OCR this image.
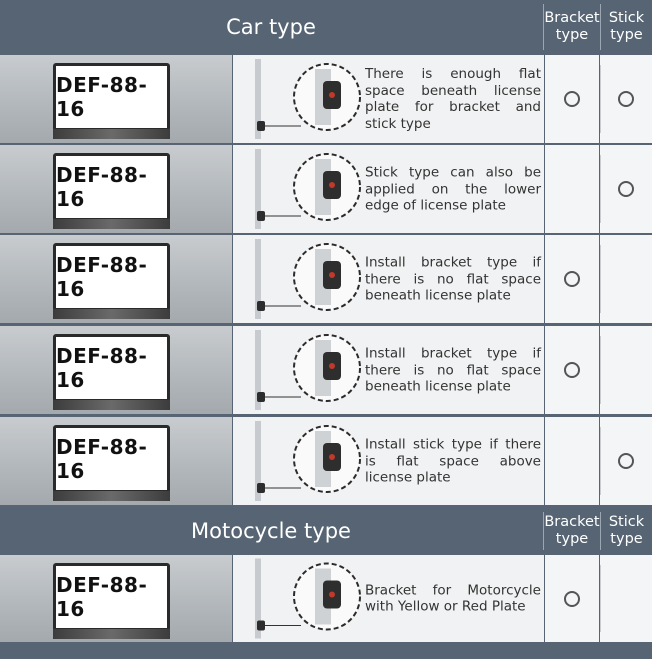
Car type	Bracket type
Stick type
DEF-88-16
There is enough flat space beneath license plate for bracket and stick type
DEF-88-16
Stick type can also be applied on the lower edge of license plate
DEF-88-16
Install bracket type if there is no flat space beneath license plate
DEF-88-16
Install bracket type if there is no flat space beneath license plate
DEF-88-16
Install stick type if there is flat space above license plate
Motocycle type	Bracket type
Stick type
DEF-88-16
Bracket for Motorcycle with Yellow or Red Plate
